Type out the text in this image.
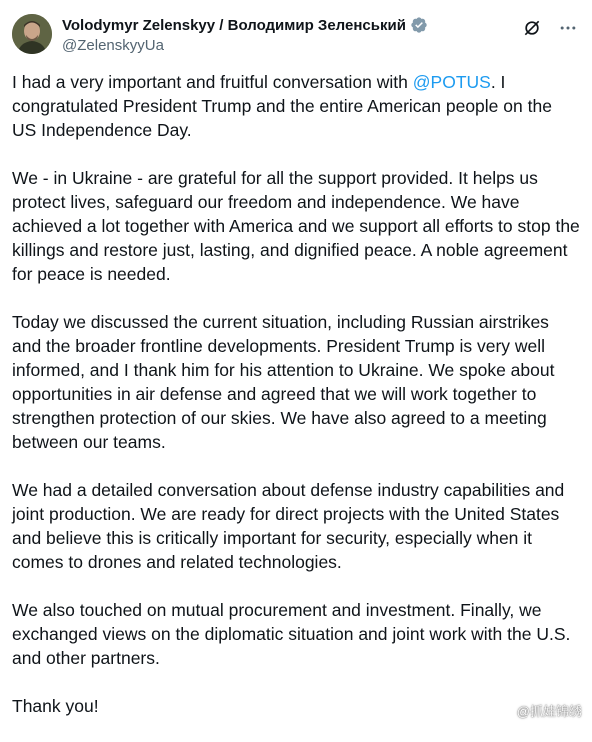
Volodymyr Zelenskyy / Володимир Зеленський
@ZelenskyyUa

I had a very important and fruitful conversation with @POTUS. I congratulated President Trump and the entire American people on the US Independence Day.

We - in Ukraine - are grateful for all the support provided. It helps us protect lives, safeguard our freedom and independence. We have achieved a lot together with America and we support all efforts to stop the killings and restore just, lasting, and dignified peace. A noble agreement for peace is needed.

Today we discussed the current situation, including Russian airstrikes and the broader frontline developments. President Trump is very well informed, and I thank him for his attention to Ukraine. We spoke about opportunities in air defense and agreed that we will work together to strengthen protection of our skies. We have also agreed to a meeting between our teams.

We had a detailed conversation about defense industry capabilities and joint production. We are ready for direct projects with the United States and believe this is critically important for security, especially when it comes to drones and related technologies.

We also touched on mutual procurement and investment. Finally, we exchanged views on the diplomatic situation and joint work with the U.S. and other partners.

Thank you!	@抓娃锦绣
